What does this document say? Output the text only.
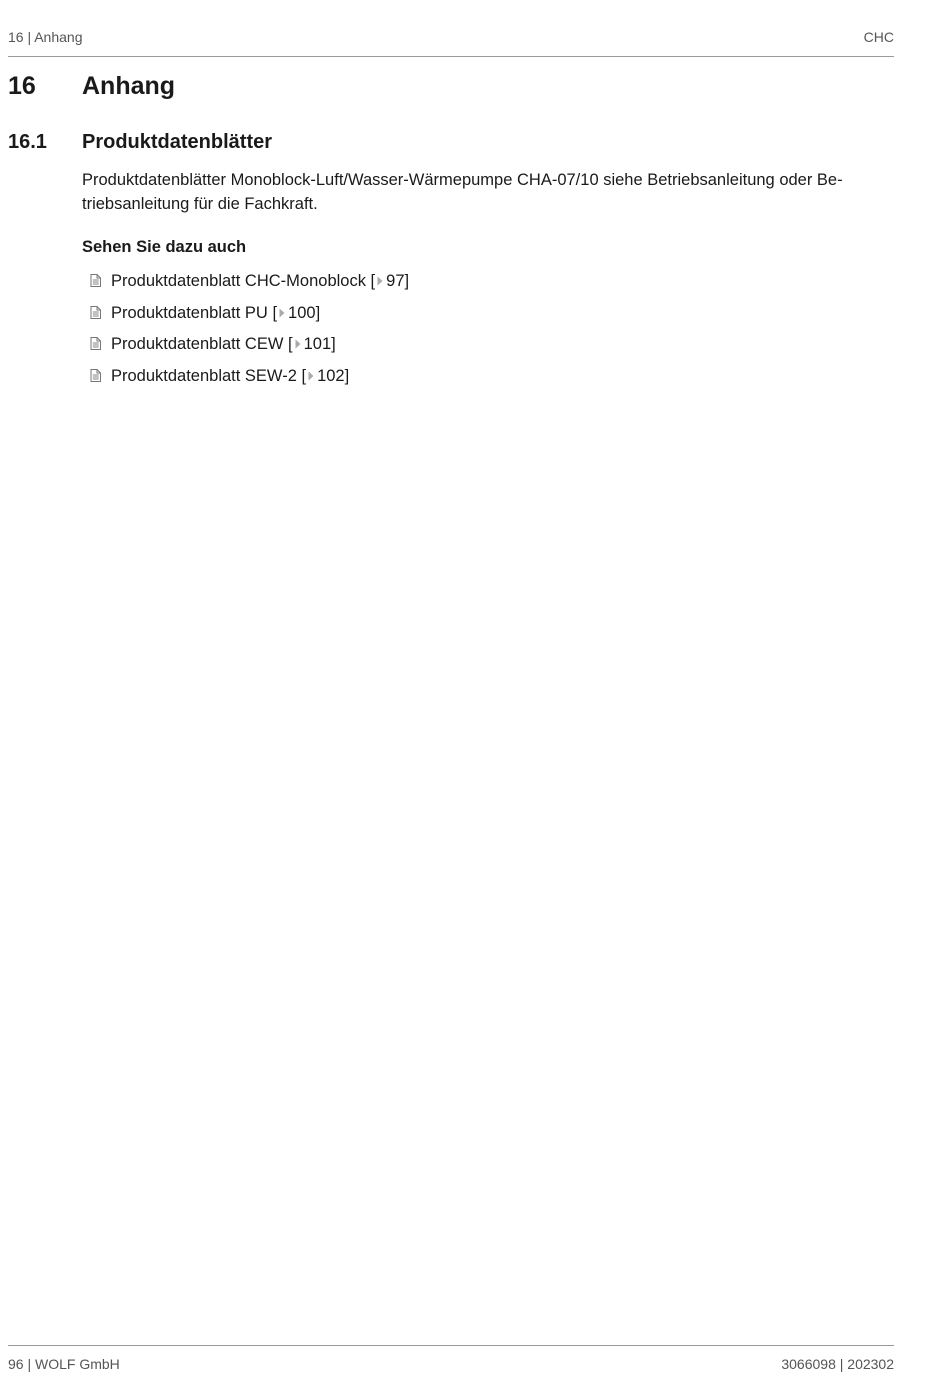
16 | Anhang	CHC
16 Anhang
16.1 Produktdatenblätter

Produktdatenblätter Monoblock-Luft/Wasser-Wärmepumpe CHA-07/10 siehe Betriebsanleitung oder Betriebsanleitung für die Fachkraft.

Sehen Sie dazu auch
Produktdatenblatt CHC-Monoblock [ 97]
Produktdatenblatt PU [ 100]
Produktdatenblatt CEW [ 101]
Produktdatenblatt SEW-2 [ 102]
96 | WOLF GmbH	3066098 | 202302
